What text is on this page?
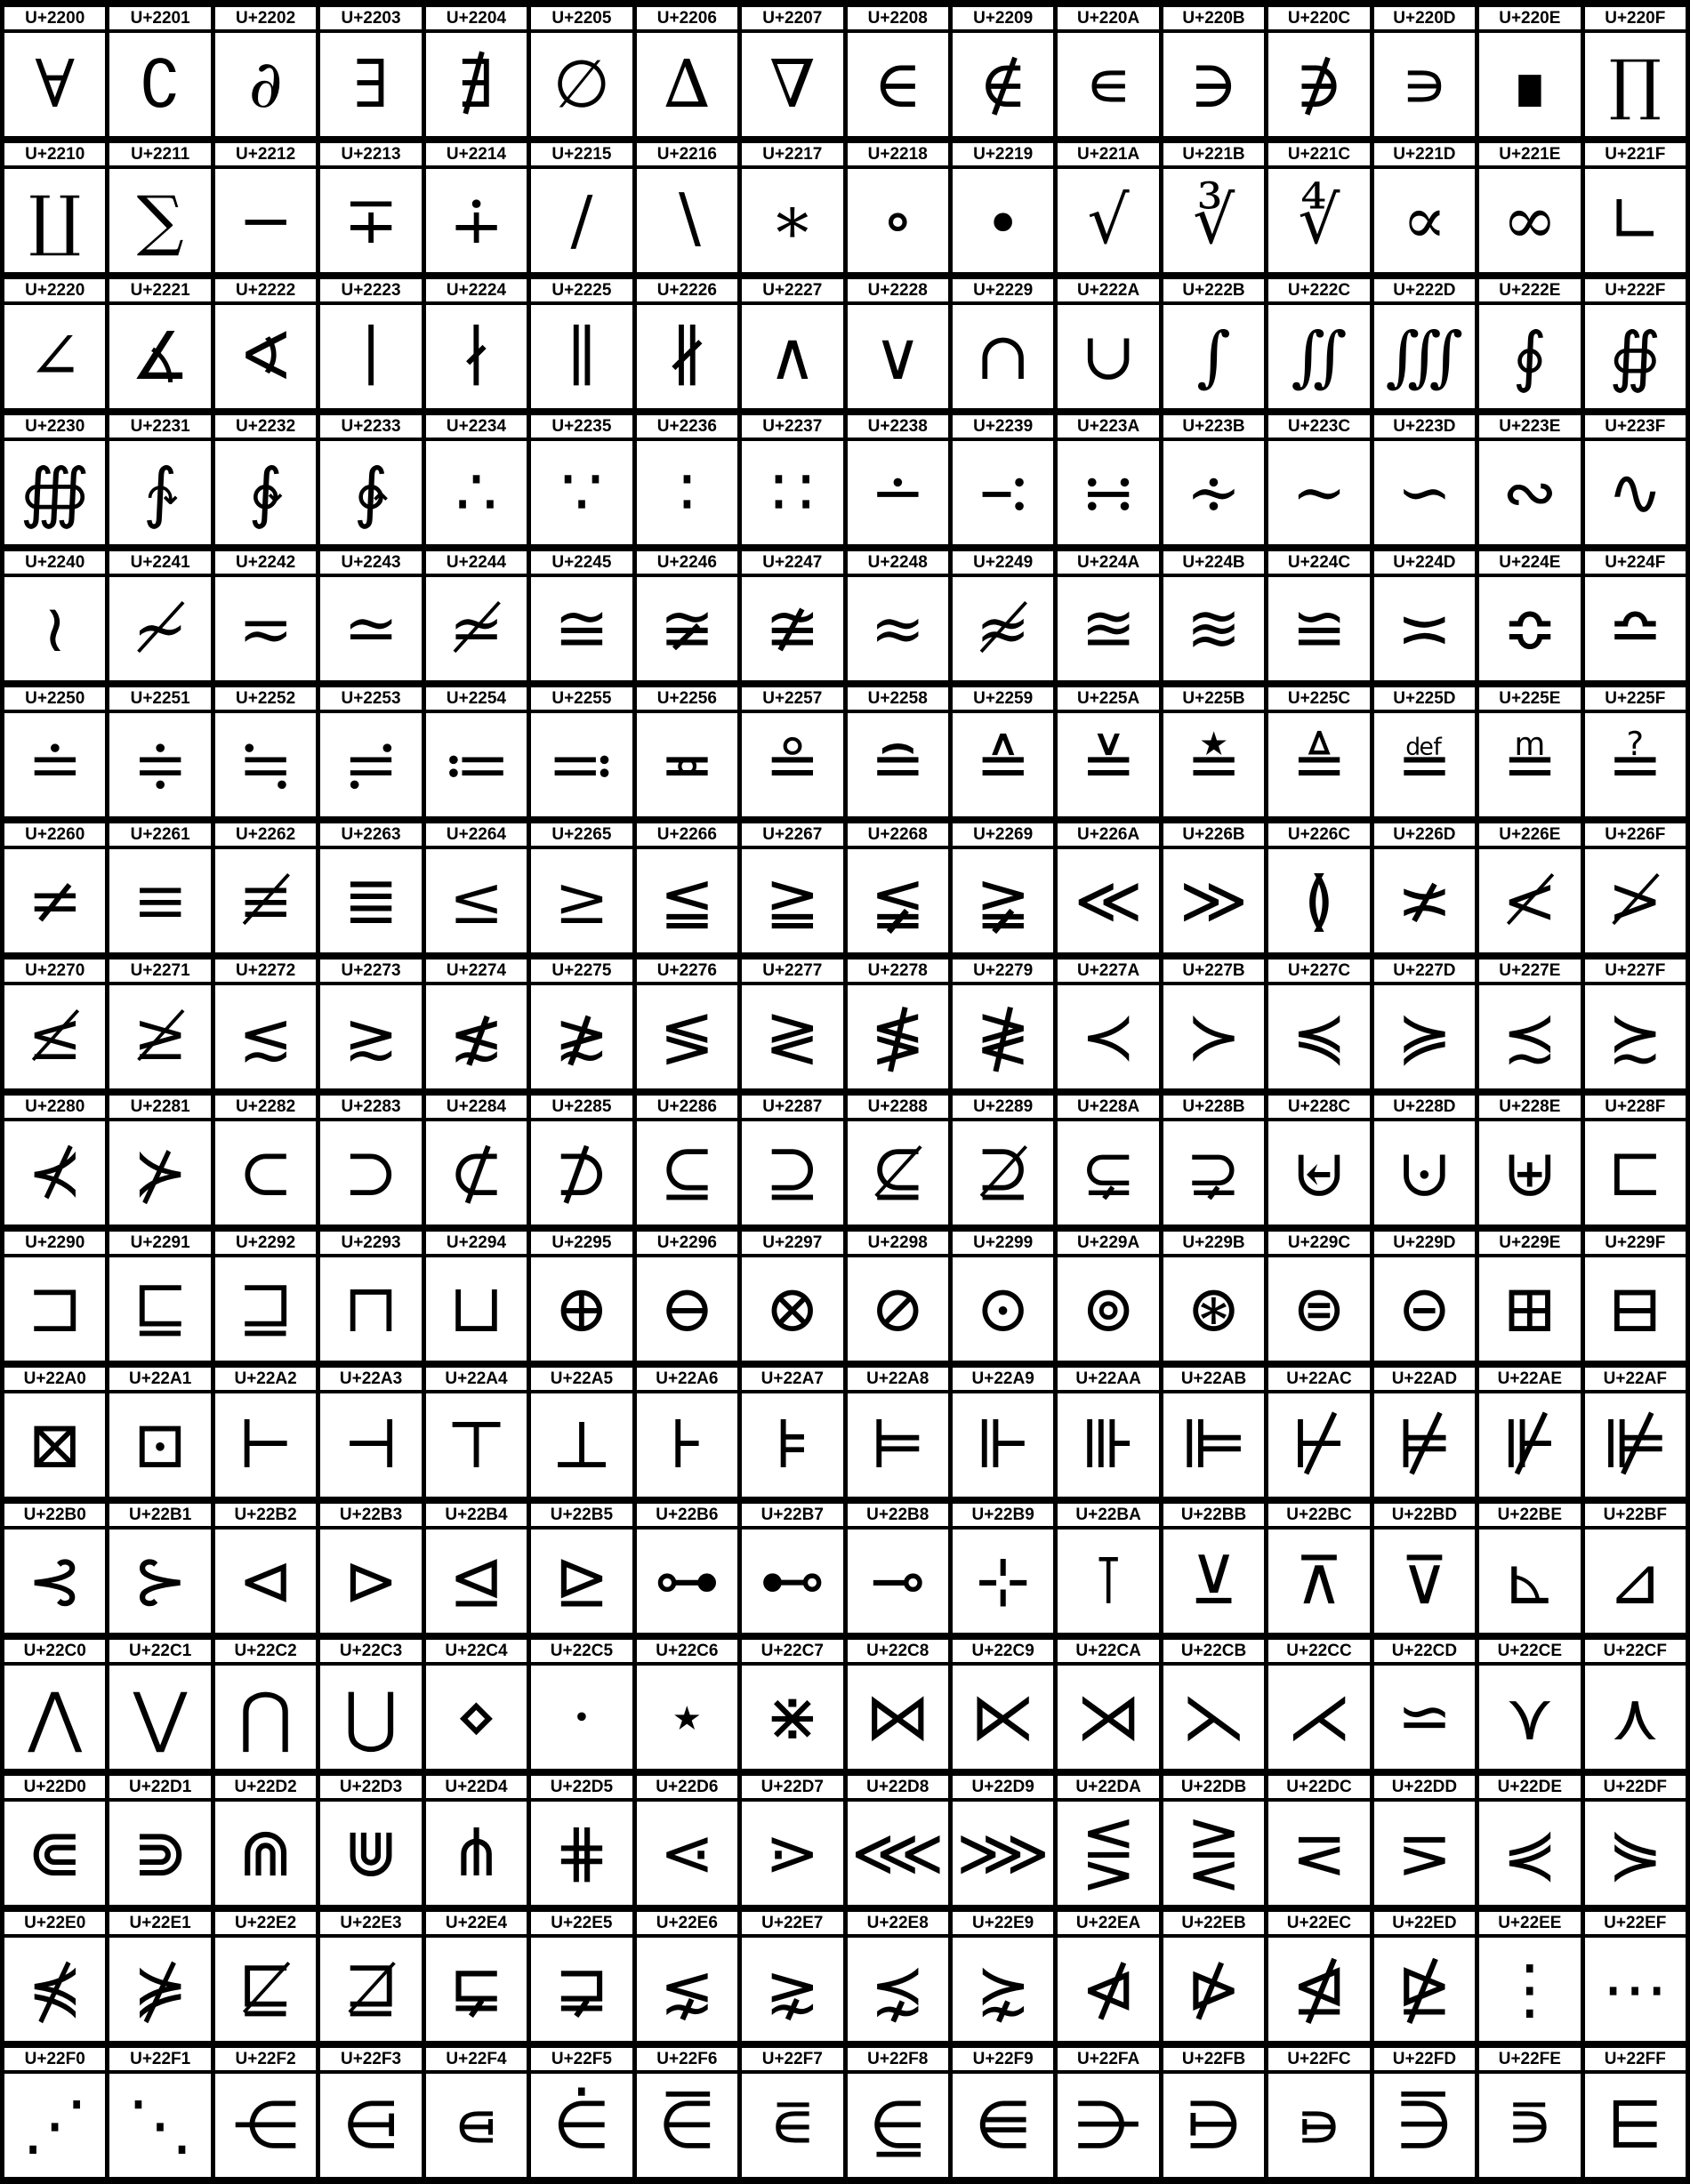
U+2200	U+2201	U+2202	U+2203	U+2204	U+2205	U+2206	U+2207	U+2208	U+2209	U+220A	U+220B	U+220C	U+220D	U+220E	U+220F
∀	∁	∂	∃	∄	∅	∆	∇	∈	∉	∊	∋	∌	∍	∎	∏
U+2210	U+2211	U+2212	U+2213	U+2214	U+2215	U+2216	U+2217	U+2218	U+2219	U+221A	U+221B	U+221C	U+221D	U+221E	U+221F
∐	∑	−	∓	∔	∕	∖	∗	∘	∙	√	∛	∜	∝	∞	∟
U+2220	U+2221	U+2222	U+2223	U+2224	U+2225	U+2226	U+2227	U+2228	U+2229	U+222A	U+222B	U+222C	U+222D	U+222E	U+222F
∠	∡	∢	∣	∤	∥	∦	∧	∨	∩	∪	∫	∬	∭	∮	∯
U+2230	U+2231	U+2232	U+2233	U+2234	U+2235	U+2236	U+2237	U+2238	U+2239	U+223A	U+223B	U+223C	U+223D	U+223E	U+223F
∰	∱	∲	∳	∴	∵	∶	∷	∸	∹	∺	∻	∼	∽	∾	∿
U+2240	U+2241	U+2242	U+2243	U+2244	U+2245	U+2246	U+2247	U+2248	U+2249	U+224A	U+224B	U+224C	U+224D	U+224E	U+224F
≀	≁	≂	≃	≄	≅	≆	≇	≈	≉	≊	≋	≌	≍	≎	≏
U+2250	U+2251	U+2252	U+2253	U+2254	U+2255	U+2256	U+2257	U+2258	U+2259	U+225A	U+225B	U+225C	U+225D	U+225E	U+225F
≐	≑	≒	≓	≔	≕	≖	≗	≘	≙	≚	≛	≜	≝	≞	≟
U+2260	U+2261	U+2262	U+2263	U+2264	U+2265	U+2266	U+2267	U+2268	U+2269	U+226A	U+226B	U+226C	U+226D	U+226E	U+226F
≠	≡	≢	≣	≤	≥	≦	≧	≨	≩	≪	≫	≬	≭	≮	≯
U+2270	U+2271	U+2272	U+2273	U+2274	U+2275	U+2276	U+2277	U+2278	U+2279	U+227A	U+227B	U+227C	U+227D	U+227E	U+227F
≰	≱	≲	≳	≴	≵	≶	≷	≸	≹	≺	≻	≼	≽	≾	≿
U+2280	U+2281	U+2282	U+2283	U+2284	U+2285	U+2286	U+2287	U+2288	U+2289	U+228A	U+228B	U+228C	U+228D	U+228E	U+228F
⊀	⊁	⊂	⊃	⊄	⊅	⊆	⊇	⊈	⊉	⊊	⊋	⊌	⊍	⊎	⊏
U+2290	U+2291	U+2292	U+2293	U+2294	U+2295	U+2296	U+2297	U+2298	U+2299	U+229A	U+229B	U+229C	U+229D	U+229E	U+229F
⊐	⊑	⊒	⊓	⊔	⊕	⊖	⊗	⊘	⊙	⊚	⊛	⊜	⊝	⊞	⊟
U+22A0	U+22A1	U+22A2	U+22A3	U+22A4	U+22A5	U+22A6	U+22A7	U+22A8	U+22A9	U+22AA	U+22AB	U+22AC	U+22AD	U+22AE	U+22AF
⊠	⊡	⊢	⊣	⊤	⊥	⊦	⊧	⊨	⊩	⊪	⊫	⊬	⊭	⊮	⊯
U+22B0	U+22B1	U+22B2	U+22B3	U+22B4	U+22B5	U+22B6	U+22B7	U+22B8	U+22B9	U+22BA	U+22BB	U+22BC	U+22BD	U+22BE	U+22BF
⊰	⊱	⊲	⊳	⊴	⊵	⊶	⊷	⊸	⊹	⊺	⊻	⊼	⊽	⊾	⊿
U+22C0	U+22C1	U+22C2	U+22C3	U+22C4	U+22C5	U+22C6	U+22C7	U+22C8	U+22C9	U+22CA	U+22CB	U+22CC	U+22CD	U+22CE	U+22CF
⋀	⋁	⋂	⋃	⋄	⋅	⋆	⋇	⋈	⋉	⋊	⋋	⋌	⋍	⋎	⋏
U+22D0	U+22D1	U+22D2	U+22D3	U+22D4	U+22D5	U+22D6	U+22D7	U+22D8	U+22D9	U+22DA	U+22DB	U+22DC	U+22DD	U+22DE	U+22DF
⋐	⋑	⋒	⋓	⋔	⋕	⋖	⋗	⋘	⋙	⋚	⋛	⋜	⋝	⋞	⋟
U+22E0	U+22E1	U+22E2	U+22E3	U+22E4	U+22E5	U+22E6	U+22E7	U+22E8	U+22E9	U+22EA	U+22EB	U+22EC	U+22ED	U+22EE	U+22EF
⋠	⋡	⋢	⋣	⋤	⋥	⋦	⋧	⋨	⋩	⋪	⋫	⋬	⋭	⋮	⋯
U+22F0	U+22F1	U+22F2	U+22F3	U+22F4	U+22F5	U+22F6	U+22F7	U+22F8	U+22F9	U+22FA	U+22FB	U+22FC	U+22FD	U+22FE	U+22FF
⋰	⋱	⋲	⋳	⋴	⋵	⋶	⋷	⋸	⋹	⋺	⋻	⋼	⋽	⋾	⋿
